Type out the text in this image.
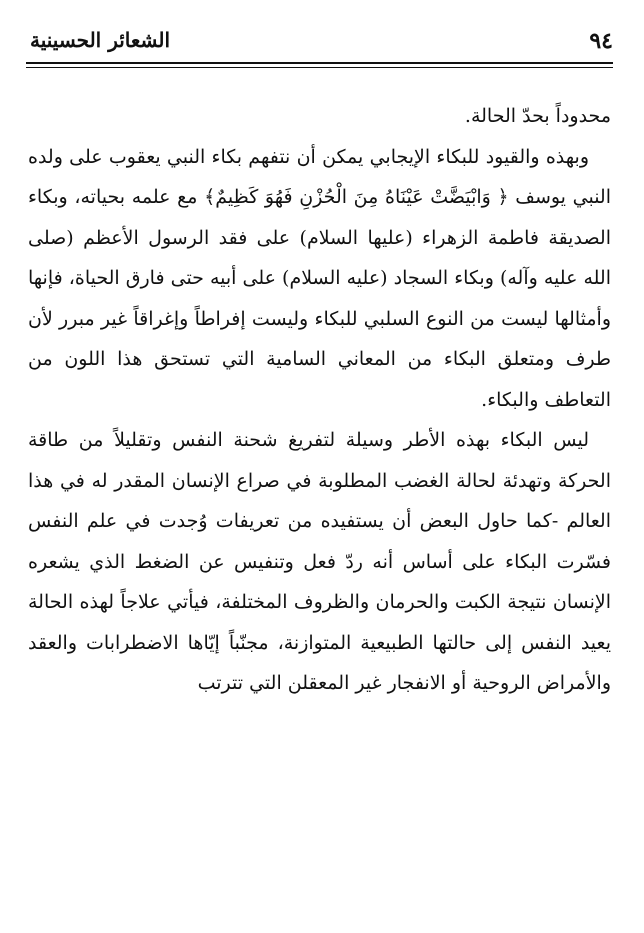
٩٤
الشعائر الحسينية

محدوداً بحدّ الحالة.

وبهذه والقيود للبكاء الإيجابي يمكن أن نتفهم بكاء النبي يعقوب على ولده النبي يوسف ﴿ وَابْيَضَّتْ عَيْنَاهُ مِنَ الْحُزْنِ فَهُوَ كَظِيمٌ﴾ مع علمه بحياته، وبكاء الصديقة فاطمة الزهراء (عليها السلام) على فقد الرسول الأعظم (صلى الله عليه وآله) وبكاء السجاد (عليه السلام) على أبيه حتى فارق الحياة، فإنها وأمثالها ليست من النوع السلبي للبكاء وليست إفراطاً وإغراقاً غير مبرر لأن طرف ومتعلق البكاء من المعاني السامية التي تستحق هذا اللون من التعاطف والبكاء.

ليس البكاء بهذه الأطر وسيلة لتفريغ شحنة النفس وتقليلاً من طاقة الحركة وتهدئة لحالة الغضب المطلوبة في صراع الإنسان المقدر له في هذا العالم -كما حاول البعض أن يستفيده من تعريفات وُجدت في علم النفس فسّرت البكاء على أساس أنه ردّ فعل وتنفيس عن الضغط الذي يشعره الإنسان نتيجة الكبت والحرمان والظروف المختلفة، فيأتي علاجاً لهذه الحالة يعيد النفس إلى حالتها الطبيعية المتوازنة، مجنّباً إيّاها الاضطرابات والعقد والأمراض الروحية أو الانفجار غير المعقلن التي تترتب
